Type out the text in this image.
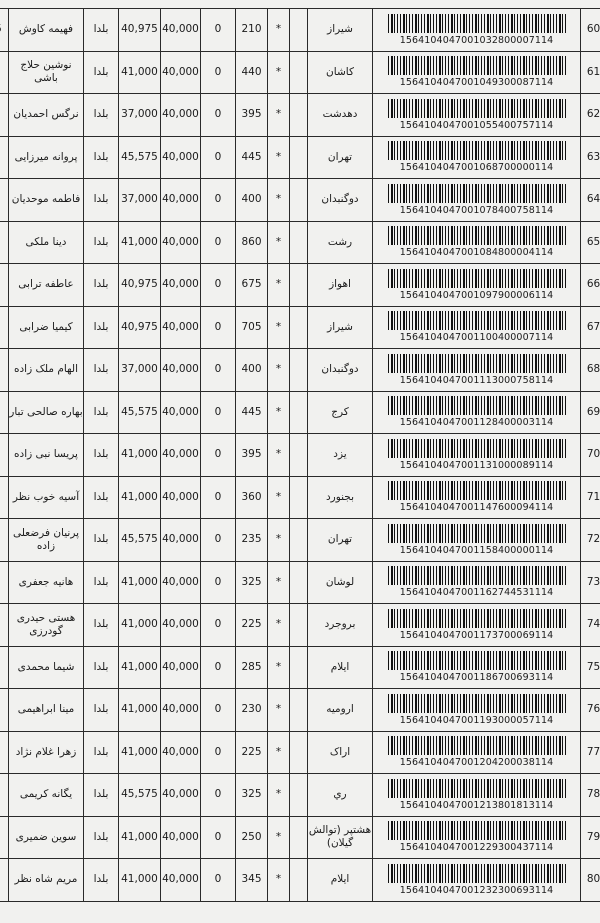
	فهیمه کاوش	بلدا	40,975	40,000	0	210	*		شیراز	1564104047001032800007114	60
	نوشین حلاج باشی	بلدا	41,000	40,000	0	440	*		کاشان	1564104047001049300087114	61
	نرگس احمدیان	بلدا	37,000	40,000	0	395	*		دهدشت	1564104047001055400757114	62
	پروانه میرزایی	بلدا	45,575	40,000	0	445	*		تهران	1564104047001068700000114	63
	فاطمه موحدیان	بلدا	37,000	40,000	0	400	*		دوگنبدان	1564104047001078400758114	64
	دینا ملکی	بلدا	41,000	40,000	0	860	*		رشت	1564104047001084800004114	65
	عاطفه ترابی	بلدا	40,975	40,000	0	675	*		اهواز	1564104047001097900006114	66
	کیمیا ضرابی	بلدا	40,975	40,000	0	705	*		شیراز	1564104047001100400007114	67
	الهام ملک زاده	بلدا	37,000	40,000	0	400	*		دوگنبدان	1564104047001113000758114	68
	بهاره صالحی تبار	بلدا	45,575	40,000	0	445	*		کرج	1564104047001128400003114	69
	پریسا نبی زاده	بلدا	41,000	40,000	0	395	*		یزد	1564104047001131000089114	70
	آسیه خوب نظر	بلدا	41,000	40,000	0	360	*		بجنورد	1564104047001147600094114	71
	پرنیان فرضعلی زاده	بلدا	45,575	40,000	0	235	*		تهران	1564104047001158400000114	72
	هانیه جعفری	بلدا	41,000	40,000	0	325	*		لوشان	1564104047001162744531114	73
	هستی حیدری گودرزی	بلدا	41,000	40,000	0	225	*		بروجرد	1564104047001173700069114	74
	شیما محمدی	بلدا	41,000	40,000	0	285	*		ایلام	1564104047001186700693114	75
	مینا ابراهیمی	بلدا	41,000	40,000	0	230	*		ارومیه	1564104047001193000057114	76
	زهرا غلام نژاد	بلدا	41,000	40,000	0	225	*		اراک	1564104047001204200038114	77
	یگانه کریمی	بلدا	45,575	40,000	0	325	*		ري	1564104047001213801813114	78
	سوین ضمیری	بلدا	41,000	40,000	0	250	*		هشتپر (توالش گیلان)	1564104047001229300437114	79
	مریم شاه نظر	بلدا	41,000	40,000	0	345	*		ایلام	1564104047001232300693114	80
